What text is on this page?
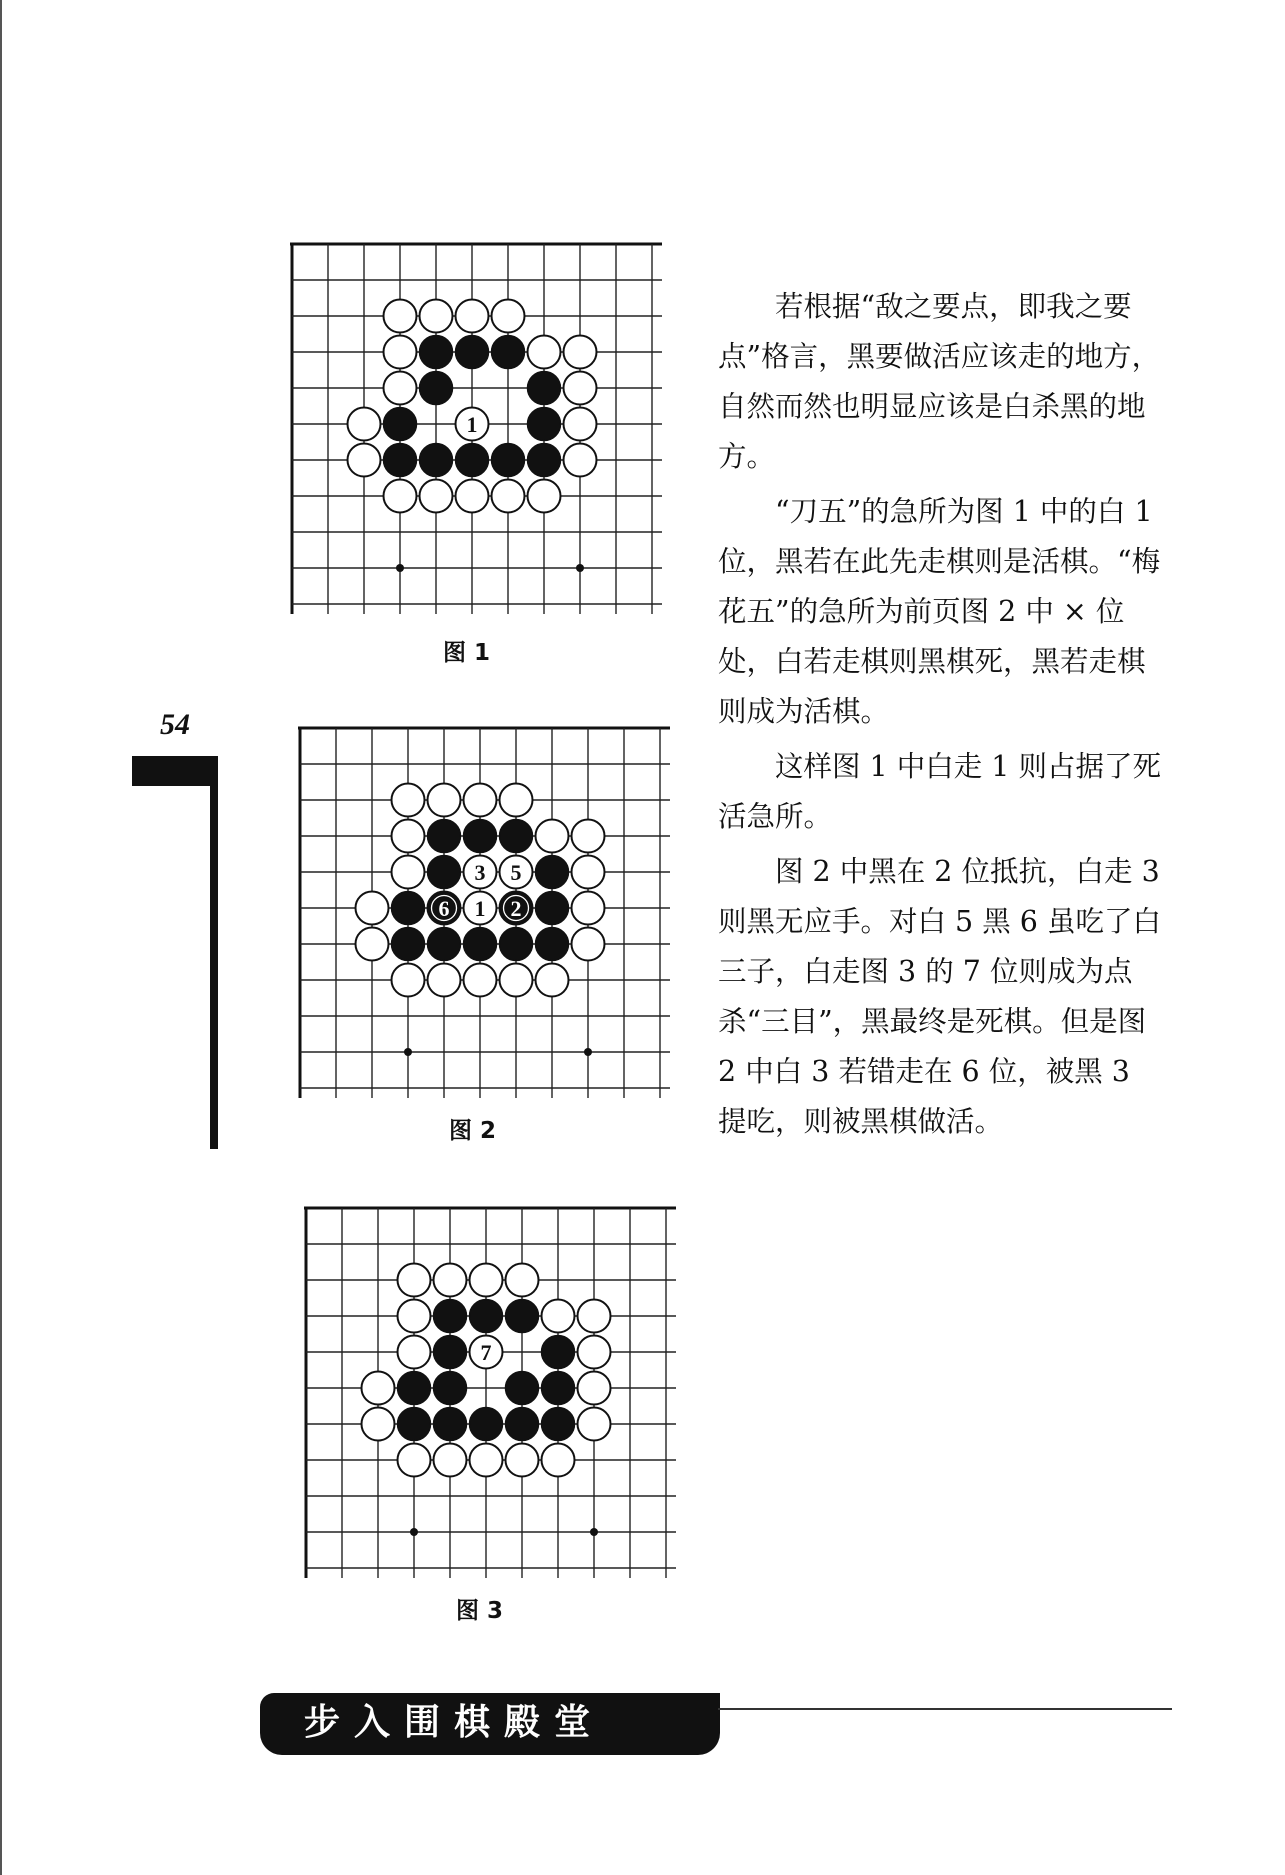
54
1
图 1
3 5
6 1 2
图 2
7
图 3

若根据“敌之要点，即我之要点”格言，黑要做活应该走的地方，自然而然也明显应该是白杀黑的地方。

“刀五”的急所为图 1 中的白 1 位，黑若在此先走棋则是活棋。“梅花五”的急所为前页图 2 中 × 位处，白若走棋则黑棋死，黑若走棋则成为活棋。

这样图 1 中白走 1 则占据了死活急所。

图 2 中黑在 2 位抵抗，白走 3 则黑无应手。对白 5 黑 6 虽吃了白三子，白走图 3 的 7 位则成为点杀“三目”，黑最终是死棋。但是图 2 中白 3 若错走在 6 位，被黑 3 提吃，则被黑棋做活。

步入围棋殿堂
